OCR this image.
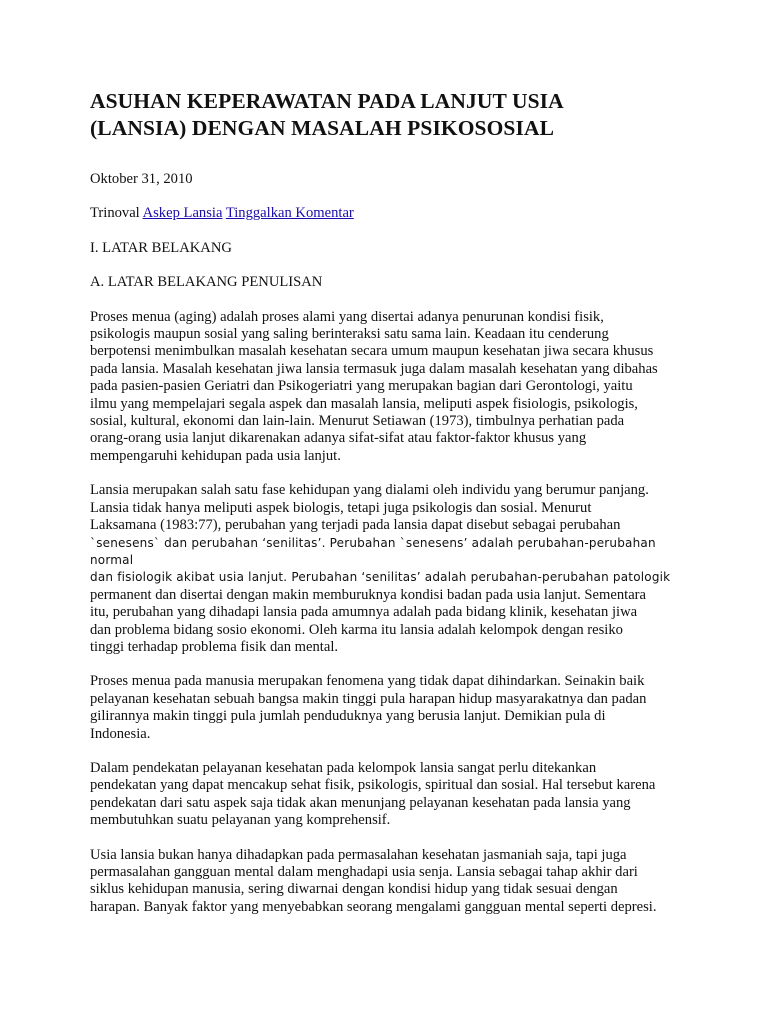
ASUHAN KEPERAWATAN PADA LANJUT USIA
(LANSIA) DENGAN MASALAH PSIKOSOSIAL
Oktober 31, 2010
Trinoval Askep Lansia Tinggalkan Komentar
I. LATAR BELAKANG
A. LATAR BELAKANG PENULISAN

Proses menua (aging) adalah proses alami yang disertai adanya penurunan kondisi fisik,
psikologis maupun sosial yang saling berinteraksi satu sama lain. Keadaan itu cenderung
berpotensi menimbulkan masalah kesehatan secara umum maupun kesehatan jiwa secara khusus
pada lansia. Masalah kesehatan jiwa lansia termasuk juga dalam masalah kesehatan yang dibahas
pada pasien-pasien Geriatri dan Psikogeriatri yang merupakan bagian dari Gerontologi, yaitu
ilmu yang mempelajari segala aspek dan masalah lansia, meliputi aspek fisiologis, psikologis,
sosial, kultural, ekonomi dan lain-lain. Menurut Setiawan (1973), timbulnya perhatian pada
orang-orang usia lanjut dikarenakan adanya sifat-sifat atau faktor-faktor khusus yang
mempengaruhi kehidupan pada usia lanjut.

Lansia merupakan salah satu fase kehidupan yang dialami oleh individu yang berumur panjang.
Lansia tidak hanya meliputi aspek biologis, tetapi juga psikologis dan sosial. Menurut
Laksamana (1983:77), perubahan yang terjadi pada lansia dapat disebut sebagai perubahan
`senesens` dan perubahan ‘senilitas’. Perubahan `senesens’ adalah perubahan-perubahan normal
dan fisiologik akibat usia lanjut. Perubahan ‘senilitas’ adalah perubahan-perubahan patologik
permanent dan disertai dengan makin memburuknya kondisi badan pada usia lanjut. Sementara
itu, perubahan yang dihadapi lansia pada amumnya adalah pada bidang klinik, kesehatan jiwa
dan problema bidang sosio ekonomi. Oleh karma itu lansia adalah kelompok dengan resiko
tinggi terhadap problema fisik dan mental.

Proses menua pada manusia merupakan fenomena yang tidak dapat dihindarkan. Seinakin baik
pelayanan kesehatan sebuah bangsa makin tinggi pula harapan hidup masyarakatnya dan padan
gilirannya makin tinggi pula jumlah penduduknya yang berusia lanjut. Demikian pula di
Indonesia.

Dalam pendekatan pelayanan kesehatan pada kelompok lansia sangat perlu ditekankan
pendekatan yang dapat mencakup sehat fisik, psikologis, spiritual dan sosial. Hal tersebut karena
pendekatan dari satu aspek saja tidak akan menunjang pelayanan kesehatan pada lansia yang
membutuhkan suatu pelayanan yang komprehensif.

Usia lansia bukan hanya dihadapkan pada permasalahan kesehatan jasmaniah saja, tapi juga
permasalahan gangguan mental dalam menghadapi usia senja. Lansia sebagai tahap akhir dari
siklus kehidupan manusia, sering diwarnai dengan kondisi hidup yang tidak sesuai dengan
harapan. Banyak faktor yang menyebabkan seorang mengalami gangguan mental seperti depresi.
